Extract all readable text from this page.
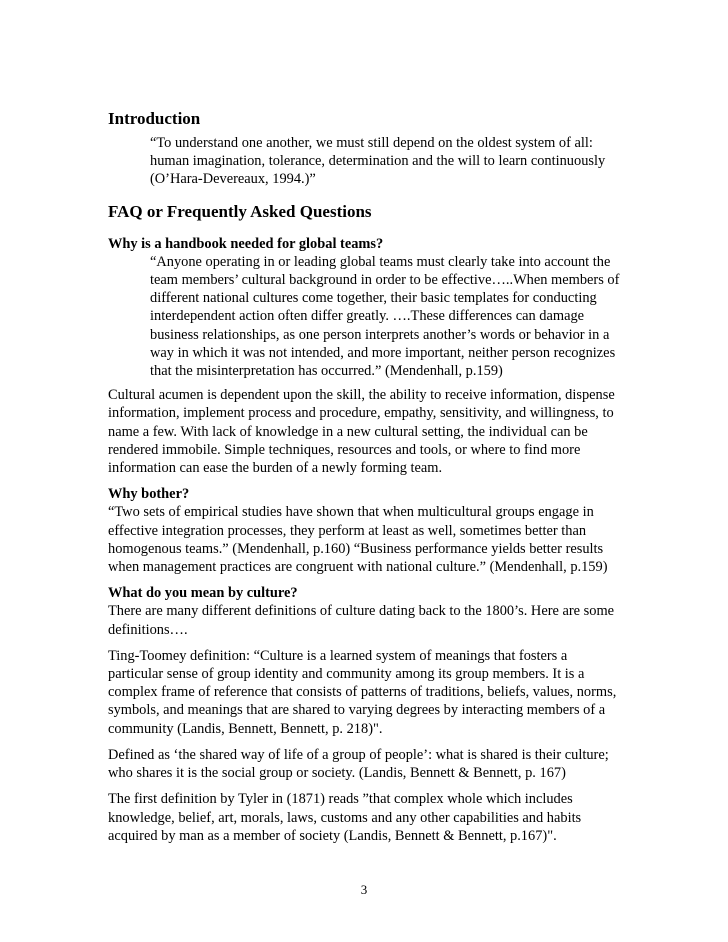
Introduction
“To understand one another, we must still depend on the oldest system of all:
human imagination, tolerance, determination and the will to learn continuously
(O’Hara-Devereaux, 1994.)”
FAQ or Frequently Asked Questions
Why is a handbook needed for global teams?
“Anyone operating in or leading global teams must clearly take into account the
team members’ cultural background in order to be effective…..When members of
different national cultures come together, their basic templates for conducting
interdependent action often differ greatly. ….These differences can damage
business relationships, as one person interprets another’s words or behavior in a
way in which it was not intended, and more important, neither person recognizes
that the misinterpretation has occurred.” (Mendenhall, p.159)
Cultural acumen is dependent upon the skill, the ability to receive information, dispense
information, implement process and procedure, empathy, sensitivity, and willingness, to
name a few. With lack of knowledge in a new cultural setting, the individual can be
rendered immobile. Simple techniques, resources and tools, or where to find more
information can ease the burden of a newly forming team.
Why bother?
“Two sets of empirical studies have shown that when multicultural groups engage in
effective integration processes, they perform at least as well, sometimes better than
homogenous teams.” (Mendenhall, p.160) “Business performance yields better results
when management practices are congruent with national culture.” (Mendenhall, p.159)
What do you mean by culture?
There are many different definitions of culture dating back to the 1800’s. Here are some
definitions….
Ting-Toomey definition: “Culture is a learned system of meanings that fosters a
particular sense of group identity and community among its group members. It is a
complex frame of reference that consists of patterns of traditions, beliefs, values, norms,
symbols, and meanings that are shared to varying degrees by interacting members of a
community (Landis, Bennett, Bennett, p. 218)".
Defined as ‘the shared way of life of a group of people’: what is shared is their culture;
who shares it is the social group or society. (Landis, Bennett & Bennett, p. 167)
The first definition by Tyler in (1871) reads ”that complex whole which includes
knowledge, belief, art, morals, laws, customs and any other capabilities and habits
acquired by man as a member of society (Landis, Bennett & Bennett, p.167)".
3
